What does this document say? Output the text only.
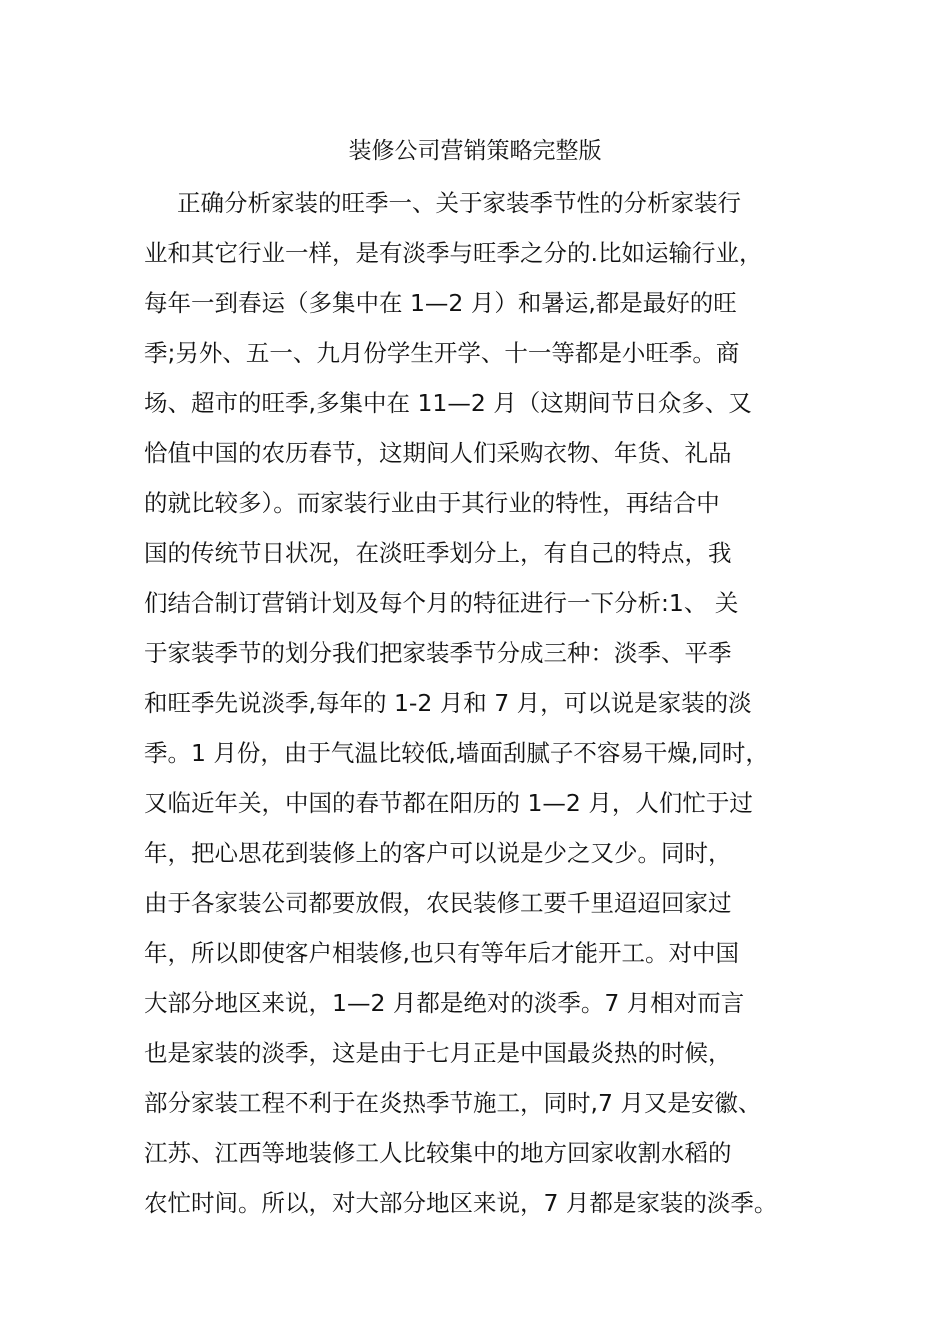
装修公司营销策略完整版
正确分析家装的旺季一、关于家装季节性的分析家装行
业和其它行业一样，是有淡季与旺季之分的.比如运输行业，
每年一到春运（多集中在 1—2 月）和暑运,都是最好的旺
季;另外、五一、九月份学生开学、十一等都是小旺季。商
场、超市的旺季,多集中在 11—2 月（这期间节日众多、又
恰值中国的农历春节，这期间人们采购衣物、年货、礼品
的就比较多）。而家装行业由于其行业的特性，再结合中
国的传统节日状况，在淡旺季划分上，有自己的特点，我
们结合制订营销计划及每个月的特征进行一下分析:1、 关
于家装季节的划分我们把家装季节分成三种：淡季、平季
和旺季先说淡季,每年的 1-2 月和 7 月，可以说是家装的淡
季。1 月份，由于气温比较低,墙面刮腻子不容易干燥,同时，
又临近年关，中国的春节都在阳历的 1—2 月，人们忙于过
年，把心思花到装修上的客户可以说是少之又少。同时，
由于各家装公司都要放假，农民装修工要千里迢迢回家过
年，所以即使客户相装修,也只有等年后才能开工。对中国
大部分地区来说，1—2 月都是绝对的淡季。7 月相对而言
也是家装的淡季，这是由于七月正是中国最炎热的时候，
部分家装工程不利于在炎热季节施工，同时,7 月又是安徽、
江苏、江西等地装修工人比较集中的地方回家收割水稻的
农忙时间。所以，对大部分地区来说，7 月都是家装的淡季。
